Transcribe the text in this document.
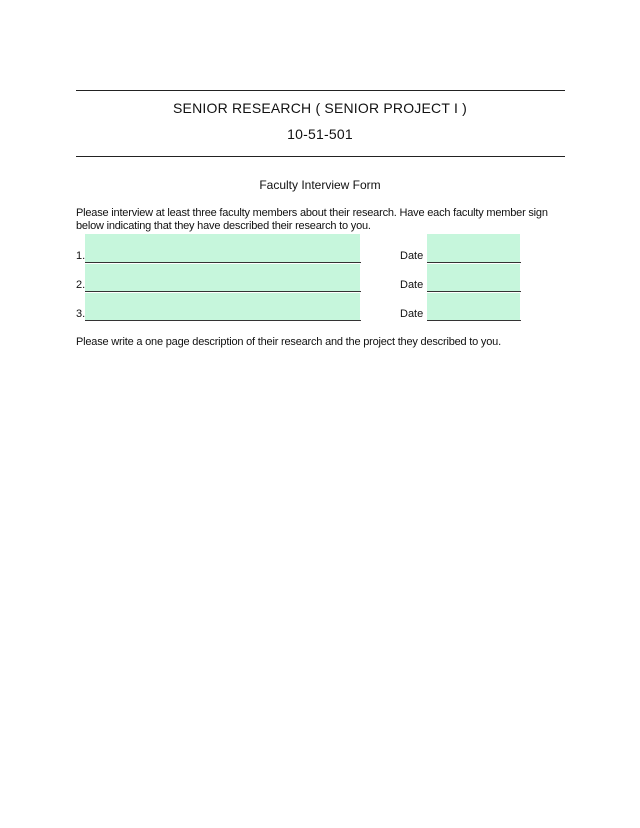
SENIOR RESEARCH ( SENIOR PROJECT I )
10-51-501
Faculty Interview Form
Please interview at least three faculty members about their research. Have each faculty member sign below indicating that they have described their research to you.
1.	Date
2.	Date
3.	Date
Please write a one page description of their research and the project they described to you.
